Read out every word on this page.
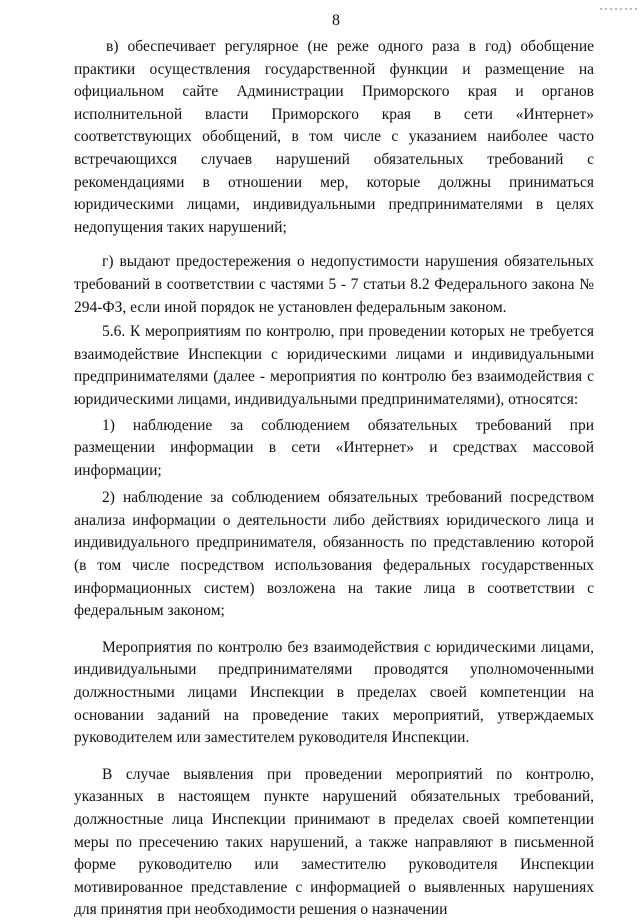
8

в) обеспечивает регулярное (не реже одного раза в год) обобщение практики осуществления государственной функции и размещение на официальном сайте Администрации Приморского края и органов исполнительной власти Приморского края в сети «Интернет» соответствующих обобщений, в том числе с указанием наиболее часто встречающихся случаев нарушений обязательных требований с рекомендациями в отношении мер, которые должны приниматься юридическими лицами, индивидуальными предпринимателями в целях недопущения таких нарушений;

г) выдают предостережения о недопустимости нарушения обязательных требований в соответствии с частями 5 - 7 статьи 8.2 Федерального закона № 294-ФЗ, если иной порядок не установлен федеральным законом.

5.6. К мероприятиям по контролю, при проведении которых не требуется взаимодействие Инспекции с юридическими лицами и индивидуальными предпринимателями (далее - мероприятия по контролю без взаимодействия с юридическими лицами, индивидуальными предпринимателями), относятся:

1) наблюдение за соблюдением обязательных требований при размещении информации в сети «Интернет» и средствах массовой информации;

2) наблюдение за соблюдением обязательных требований посредством анализа информации о деятельности либо действиях юридического лица и индивидуального предпринимателя, обязанность по представлению которой (в том числе посредством использования федеральных государственных информационных систем) возложена на такие лица в соответствии с федеральным законом;

Мероприятия по контролю без взаимодействия с юридическими лицами, индивидуальными предпринимателями проводятся уполномоченными должностными лицами Инспекции в пределах своей компетенции на основании заданий на проведение таких мероприятий, утверждаемых руководителем или заместителем руководителя Инспекции.

В случае выявления при проведении мероприятий по контролю, указанных в настоящем пункте нарушений обязательных требований, должностные лица Инспекции принимают в пределах своей компетенции меры по пресечению таких нарушений, а также направляют в письменной форме руководителю или заместителю руководителя Инспекции мотивированное представление с информацией о выявленных нарушениях для принятия при необходимости решения о назначении
